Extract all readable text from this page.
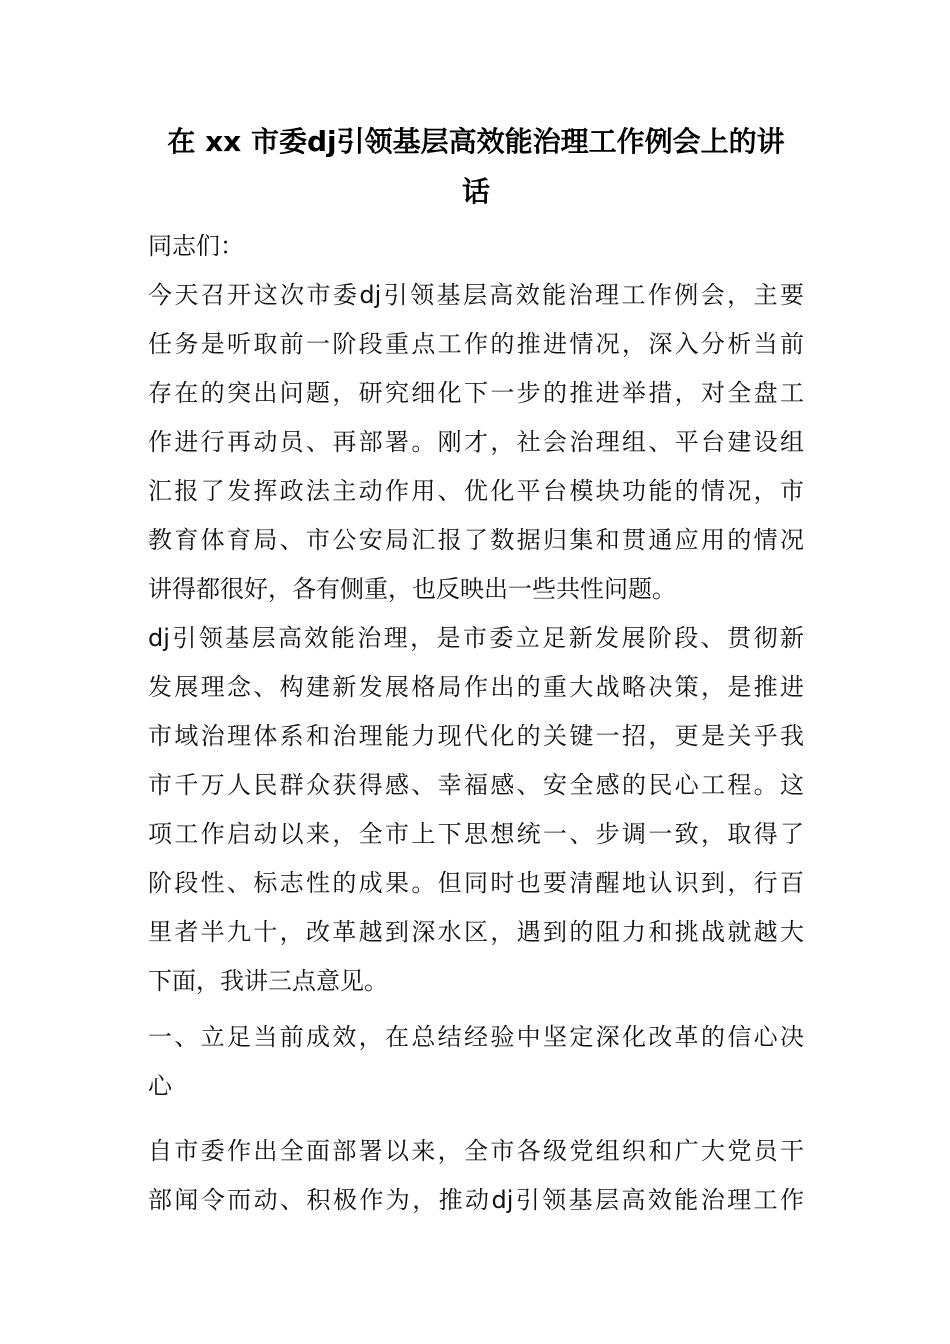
在 xx 市委dj引领基层高效能治理工作例会上的讲
话
同志们：
今天召开这次市委dj引领基层高效能治理工作例会，主要
任务是听取前一阶段重点工作的推进情况，深入分析当前
存在的突出问题，研究细化下一步的推进举措，对全盘工
作进行再动员、再部署。刚才，社会治理组、平台建设组
汇报了发挥政法主动作用、优化平台模块功能的情况，市
教育体育局、市公安局汇报了数据归集和贯通应用的情况
讲得都很好，各有侧重，也反映出一些共性问题。
dj引领基层高效能治理，是市委立足新发展阶段、贯彻新
发展理念、构建新发展格局作出的重大战略决策，是推进
市域治理体系和治理能力现代化的关键一招，更是关乎我
市千万人民群众获得感、幸福感、安全感的民心工程。这
项工作启动以来，全市上下思想统一、步调一致，取得了
阶段性、标志性的成果。但同时也要清醒地认识到，行百
里者半九十，改革越到深水区，遇到的阻力和挑战就越大
下面，我讲三点意见。
一、立足当前成效，在总结经验中坚定深化改革的信心决
心
自市委作出全面部署以来，全市各级党组织和广大党员干
部闻令而动、积极作为，推动dj引领基层高效能治理工作
